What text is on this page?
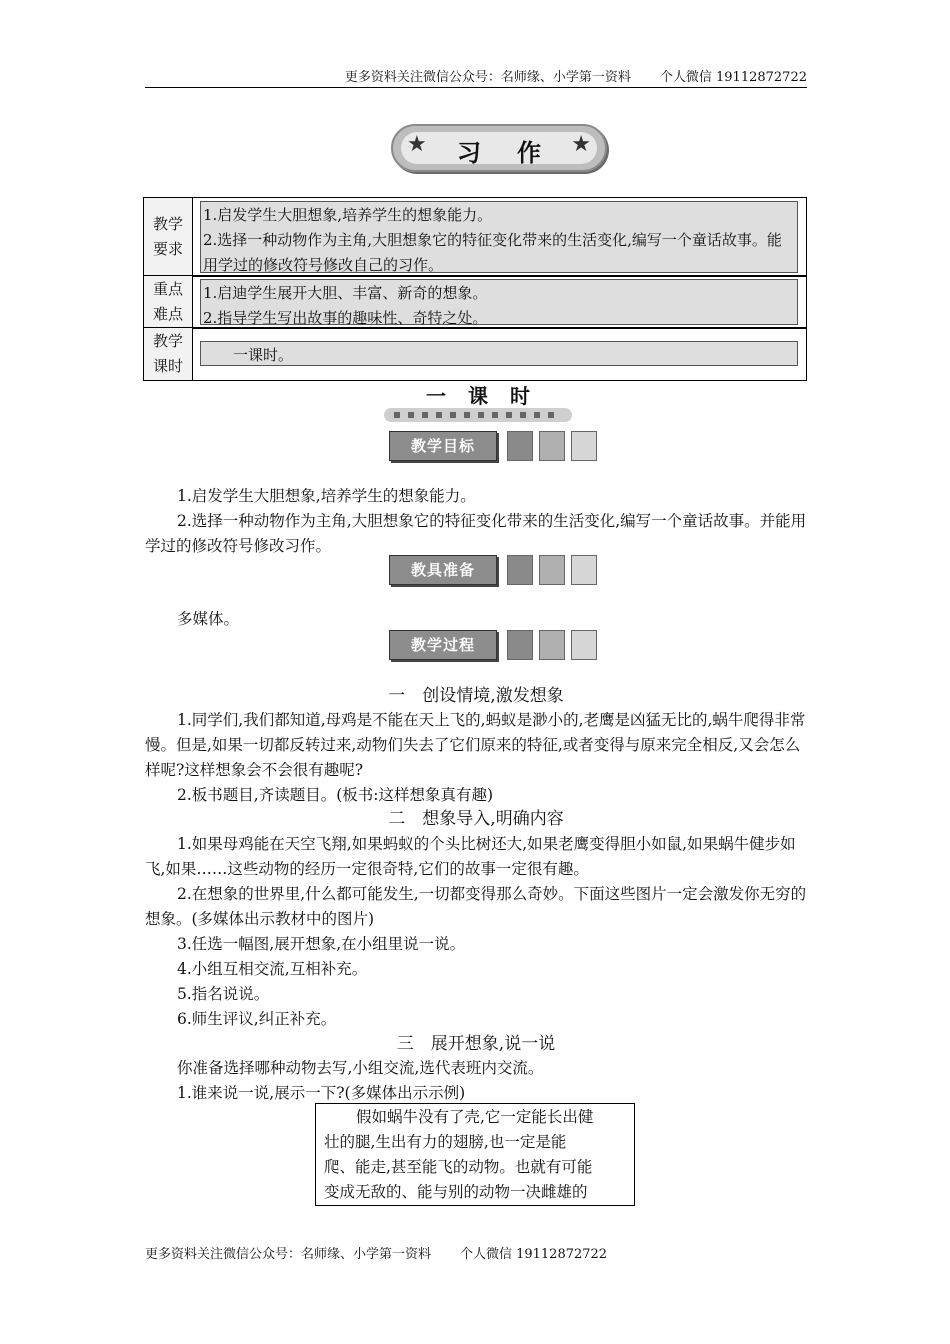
更多资料关注微信公众号：名师缘、小学第一资料 个人微信 19112872722
★	★
习作
教学
要求
1.启发学生大胆想象,培养学生的想象能力。
2.选择一种动物作为主角,大胆想象它的特征变化带来的生活变化,编写一个童话故事。能用学过的修改符号修改自己的习作。
重点
难点
1.启迪学生展开大胆、丰富、新奇的想象。
2.指导学生写出故事的趣味性、奇特之处。
教学
课时
一课时。
一课时
教学目标
1.启发学生大胆想象,培养学生的想象能力。
2.选择一种动物作为主角,大胆想象它的特征变化带来的生活变化,编写一个童话故事。并能用学过的修改符号修改习作。
教具准备
多媒体。
教学过程
一　创设情境,激发想象
1.同学们,我们都知道,母鸡是不能在天上飞的,蚂蚁是渺小的,老鹰是凶猛无比的,蜗牛爬得非常慢。但是,如果一切都反转过来,动物们失去了它们原来的特征,或者变得与原来完全相反,又会怎么样呢?这样想象会不会很有趣呢?
2.板书题目,齐读题目。(板书:这样想象真有趣)
二　想象导入,明确内容
1.如果母鸡能在天空飞翔,如果蚂蚁的个头比树还大,如果老鹰变得胆小如鼠,如果蜗牛健步如飞,如果……这些动物的经历一定很奇特,它们的故事一定很有趣。
2.在想象的世界里,什么都可能发生,一切都变得那么奇妙。下面这些图片一定会激发你无穷的想象。(多媒体出示教材中的图片)
3.任选一幅图,展开想象,在小组里说一说。
4.小组互相交流,互相补充。
5.指名说说。
6.师生评议,纠正补充。
三　展开想象,说一说
你准备选择哪种动物去写,小组交流,选代表班内交流。
1.谁来说一说,展示一下?(多媒体出示示例)
假如蜗牛没有了壳,它一定能长出健
壮的腿,生出有力的翅膀,也一定是能
爬、能走,甚至能飞的动物。也就有可能
变成无敌的、能与别的动物一决雌雄的
更多资料关注微信公众号：名师缘、小学第一资料 个人微信 19112872722
